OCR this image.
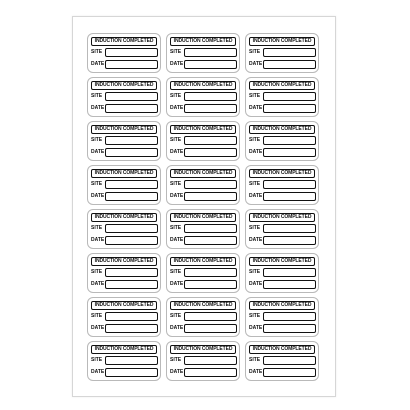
INDUCTION COMPLETED
SITE
DATE
INDUCTION COMPLETED
SITE
DATE
INDUCTION COMPLETED
SITE
DATE
INDUCTION COMPLETED
SITE
DATE
INDUCTION COMPLETED
SITE
DATE
INDUCTION COMPLETED
SITE
DATE
INDUCTION COMPLETED
SITE
DATE
INDUCTION COMPLETED
SITE
DATE
INDUCTION COMPLETED
SITE
DATE
INDUCTION COMPLETED
SITE
DATE
INDUCTION COMPLETED
SITE
DATE
INDUCTION COMPLETED
SITE
DATE
INDUCTION COMPLETED
SITE
DATE
INDUCTION COMPLETED
SITE
DATE
INDUCTION COMPLETED
SITE
DATE
INDUCTION COMPLETED
SITE
DATE
INDUCTION COMPLETED
SITE
DATE
INDUCTION COMPLETED
SITE
DATE
INDUCTION COMPLETED
SITE
DATE
INDUCTION COMPLETED
SITE
DATE
INDUCTION COMPLETED
SITE
DATE
INDUCTION COMPLETED
SITE
DATE
INDUCTION COMPLETED
SITE
DATE
INDUCTION COMPLETED
SITE
DATE
